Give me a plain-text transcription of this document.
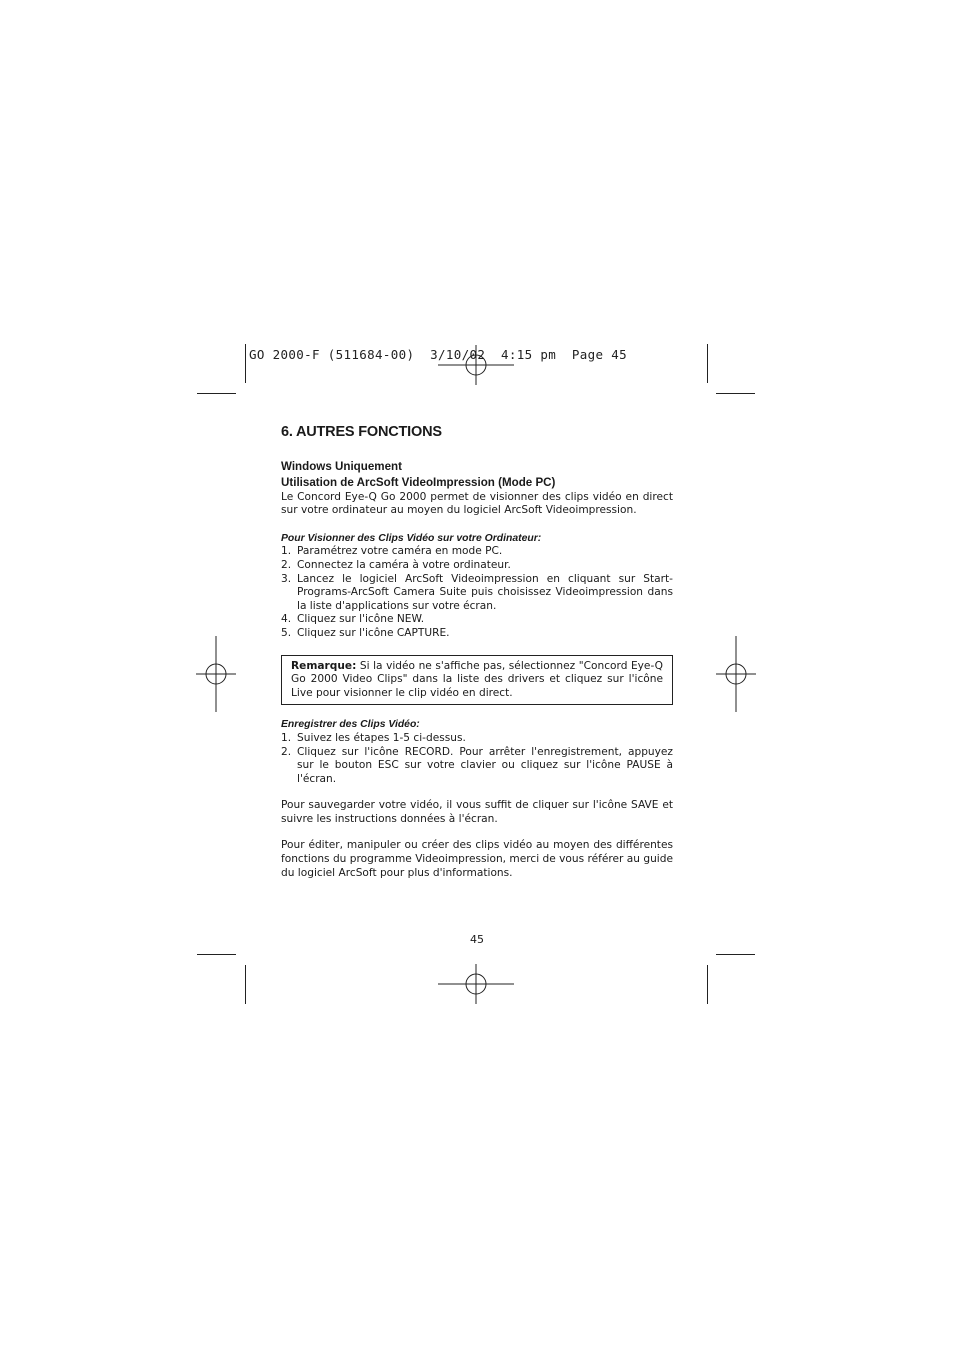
GO 2000-F (511684-00)  3/10/02  4:15 pm  Page 45
6. AUTRES FONCTIONS

Windows Uniquement

Utilisation de ArcSoft VideoImpression (Mode PC)

Le Concord Eye-Q Go 2000 permet de visionner des clips vidéo en direct sur votre ordinateur au moyen du logiciel ArcSoft Videoimpression.

Pour Visionner des Clips Vidéo sur votre Ordinateur:

1. Paramétrez votre caméra en mode PC.
2. Connectez la caméra à votre ordinateur.
3. Lancez le logiciel ArcSoft Videoimpression en cliquant sur Start-Programs-ArcSoft Camera Suite puis choisissez Videoimpression dans la liste d'applications sur votre écran.
4. Cliquez sur l'icône NEW.
5. Cliquez sur l'icône CAPTURE.
Remarque: Si la vidéo ne s'affiche pas, sélectionnez "Concord Eye-Q Go 2000 Video Clips" dans la liste des drivers et cliquez sur l'icône Live pour visionner le clip vidéo en direct.

Enregistrer des Clips Vidéo:

1. Suivez les étapes 1-5 ci-dessus.
2. Cliquez sur l'icône RECORD. Pour arrêter l'enregistrement, appuyez sur le bouton ESC sur votre clavier ou cliquez sur l'icône PAUSE à l'écran.

Pour sauvegarder votre vidéo, il vous suffit de cliquer sur l'icône SAVE et suivre les instructions données à l'écran.

Pour éditer, manipuler ou créer des clips vidéo au moyen des différentes fonctions du programme Videoimpression, merci de vous référer au guide du logiciel ArcSoft pour plus d'informations.

45
